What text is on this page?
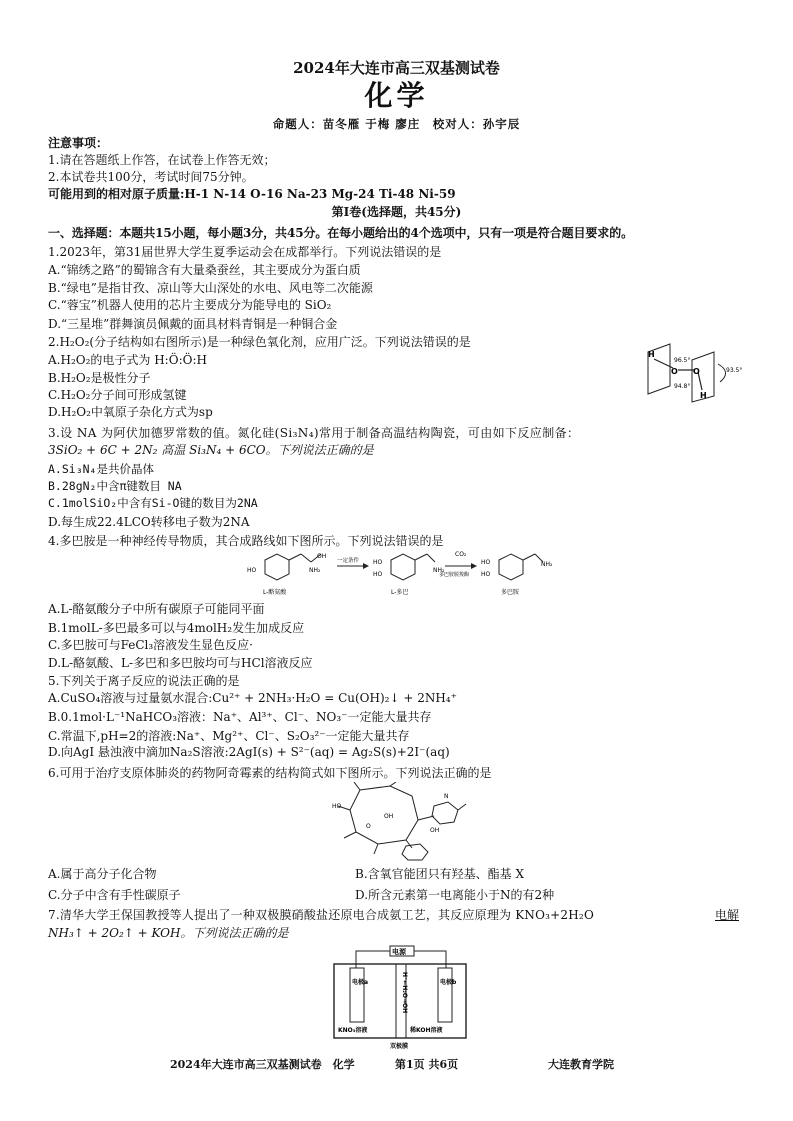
2024年大连市高三双基测试卷
化学
命题人：苗冬雁 于梅 廖庄　校对人：孙宇辰
注意事项：
1.请在答题纸上作答，在试卷上作答无效；
2.本试卷共100分，考试时间75分钟。
可能用到的相对原子质量:H-1 N-14 O-16 Na-23 Mg-24 Ti-48 Ni-59
第Ⅰ卷(选择题，共45分)
一、选择题：本题共15小题，每小题3分，共45分。在每小题给出的4个选项中，只有一项是符合题目要求的。
1.2023年，第31届世界大学生夏季运动会在成都举行。下列说法错误的是
A.“锦绣之路”的蜀锦含有大量桑蚕丝，其主要成分为蛋白质
B.“绿电”是指甘孜、凉山等大山深处的水电、风电等二次能源
C.“蓉宝”机器人使用的芯片主要成分为能导电的 SiO₂
D.“三星堆”群舞演员佩戴的面具材料青铜是一种铜合金
2.H₂O₂(分子结构如右图所示)是一种绿色氧化剂，应用广泛。下列说法错误的是
A.H₂O₂的电子式为 H:Ö:Ö:H
B.H₂O₂是极性分子
C.H₂O₂分子间可形成氢键
D.H₂O₂中氧原子杂化方式为sp
H
O O
H
96.5°
93.5°
94.8°
3.设 NA 为阿伏加德罗常数的值。氮化硅(Si₃N₄)常用于制备高温结构陶瓷，可由如下反应制备：
3SiO₂ + 6C + 2N₂ 高温 Si₃N₄ + 6CO。下列说法正确的是
A.Si₃N₄是共价晶体
B.28gN₂中含π键数目 NA
C.1molSiO₂中含有Si-O键的数目为2NA
D.每生成22.4LCO转移电子数为2NA
4.多巴胺是一种神经传导物质，其合成路线如下图所示。下列说法错误的是
HO
OH
NH₂
L-酪氨酸
一定条件 HO
HO
NH₂
L-多巴
CO₂
多巴胺脱羧酶
HO
HO
NH₂
多巴胺
A.L-酪氨酸分子中所有碳原子可能同平面
B.1molL-多巴最多可以与4molH₂发生加成反应
C.多巴胺可与FeCl₃溶液发生显色反应·
D.L-酪氨酸、L-多巴和多巴胺均可与HCl溶液反应
5.下列关于离子反应的说法正确的是
A.CuSO₄溶液与过量氨水混合:Cu²⁺ + 2NH₃·H₂O = Cu(OH)₂↓ + 2NH₄⁺
B.0.1mol·L⁻¹NaHCO₃溶液：Na⁺、Al³⁺、Cl⁻、NO₃⁻一定能大量共存
C.常温下,pH=2的溶液:Na⁺、Mg²⁺、Cl⁻、S₂O₃²⁻一定能大量共存
D.向AgI 悬浊液中滴加Na₂S溶液:2AgI(s) + S²⁻(aq) = Ag₂S(s)+2I⁻(aq)
6.可用于治疗支原体肺炎的药物阿奇霉素的结构简式如下图所示。下列说法正确的是
HO
OH
O
OH
N
A.属于高分子化合物	B.含氧官能团只有羟基、酯基 X
C.分子中含有手性碳原子	D.所含元素第一电离能小于N的有2种
7.清华大学王保国教授等人提出了一种双极膜硝酸盐还原电合成氨工艺，其反应原理为 KNO₃+2H₂O	电解
NH₃↑ + 2O₂↑ + KOH。下列说法正确的是
电源
电极a	电极b
H⁺←H₂O→OH⁻
KNO₃溶液	稀KOH溶液
双极膜
2024年大连市高三双基测试卷　化学	第1页 共6页	大连教育学院
